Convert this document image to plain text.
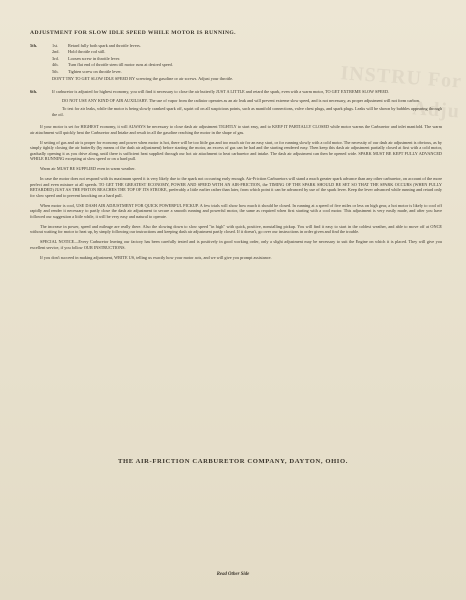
INSTRU For Adju
ADJUSTMENT FOR SLOW IDLE SPEED WHILE MOTOR IS RUNNING.
5th.	1st.	Retard fully both spark and throttle levers.
2nd.	Hold throttle rod still.
3rd.	Loosen screw in throttle lever.
4th.	Turn flat end of throttle stem till motor runs at desired speed.
5th.	Tighten screw on throttle lever.
DON'T TRY TO GET SLOW IDLE SPEED BY screwing the gasoline or air screws. Adjust your throttle.
6th.	If carburetor is adjusted for highest economy, you will find it necessary to close the air butterfly JUST A LITTLE and retard the spark, even with a warm motor, TO GET EXTREME SLOW SPEED.

DO NOT USE ANY KIND OF AIR AUXILIARY. The use of vapor from the radiator operates as an air leak and will prevent extreme slow speed, and is not necessary, as proper adjustment will not form carbon.

To test for air leaks, while the motor is being slowly cranked spark off, squirt oil on all suspicious points, such as manifold connections, valve chest plugs, and spark plugs. Leaks will be shown by bubbles appearing through the oil.

If your motor is set for HIGHEST economy, it will ALWAYS be necessary to close dash air adjustment TIGHTLY to start easy, and to KEEP IT PARTIALLY CLOSED while motor warms the Carburetor and inlet manifold. The warm air attachment will quickly heat the Carburetor and Intake and result in all the gasoline reaching the motor in the shape of gas.

If setting of gas and air is proper for economy and power when motor is hot, there will be too little gas and too much air for an easy start, or for running slowly with a cold motor. The necessity of our dash air adjustment is obvious, as by simply tightly closing the air butterfly (by means of the dash air adjustment) before starting the motor, an excess of gas can be had and the starting rendered easy. Then keep this dash air adjustment partially closed at first with a cold motor, gradually opening it as you drive along, until there is sufficient heat supplied through our hot air attachment to heat carburetor and intake. The dash air adjustment can then be opened wide. SPARK MUST BE KEPT FULLY ADVANCED WHILE RUNNING excepting at slow speed or on a hard pull.

Warm air MUST BE SUPPLIED even in warm weather.

In case the motor does not respond with its maximum speed it is very likely due to the spark not occurring early enough. Air-Friction Carburetors will stand a much greater spark advance than any other carburetor, on account of the more perfect and even mixture at all speeds. TO GET THE GREATEST ECONOMY, POWER AND SPEED WITH AN AIR-FRICTION, the TIMING OF THE SPARK SHOULD BE SET SO THAT THE SPARK OCCURS (WHEN FULLY RETARDED) JUST AS THE PISTON REACHES THE TOP OF ITS STROKE, preferably a little earlier rather than later, from which point it can be advanced by use of the spark lever. Keep the lever advanced while running and retard only for slow speed and to prevent knocking on a hard pull.

When motor is cool, USE DASH AIR ADJUSTMENT FOR QUICK POWERFUL PICKUP. A few trials will show how much it should be closed. In running at a speed of five miles or less on high gear, a hot motor is likely to cool off rapidly and render it necessary to partly close the dash air adjustment to secure a smooth running and powerful motor, the same as required when first starting with a cool motor. This adjustment is very easily made, and after you have followed our suggestion a little while, it will be very easy and natural to operate.

The increase in power, speed and mileage are really there. Also the slowing down to slow speed "in high" with quick, positive, nonstalling pickup. You will find it easy to start in the coldest weather, and able to move off at ONCE without waiting for motor to heat up, by simply following our instructions and keeping dash air adjustment partly closed. If it doesn't, go over our instructions in order given and find the trouble.

SPECIAL NOTICE—Every Carburetor leaving our factory has been carefully tested and is positively in good working order, only a slight adjustment may be necessary to suit the Engine on which it is placed. They will give you excellent service, if you follow OUR INSTRUCTIONS.

If you don't succeed in making adjustment, WRITE US, telling us exactly how your motor acts, and we will give you prompt assistance.

THE AIR-FRICTION CARBURETOR COMPANY, DAYTON, OHIO.
Read Other Side
